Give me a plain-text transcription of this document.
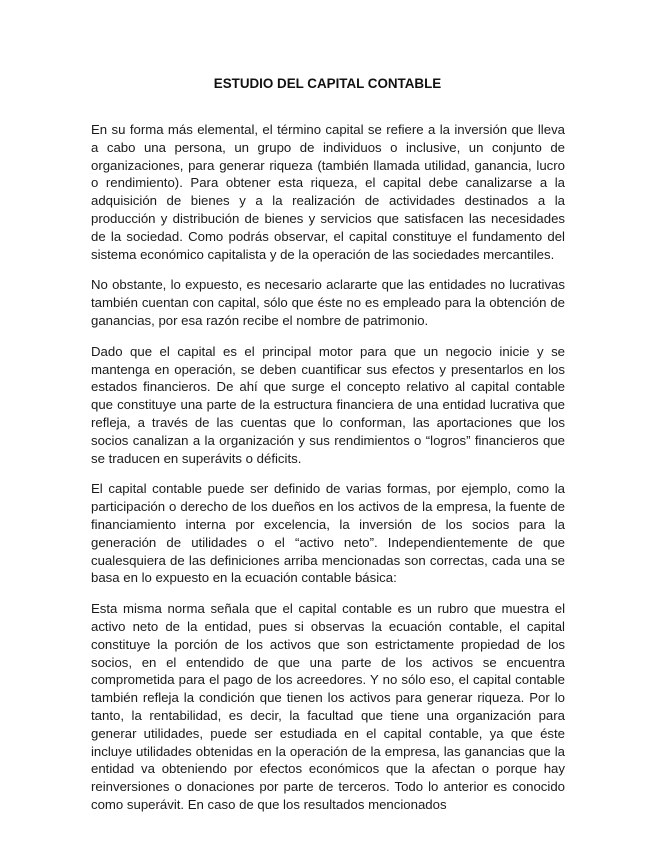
ESTUDIO DEL CAPITAL CONTABLE

En su forma más elemental, el término capital se refiere a la inversión que lleva a cabo una persona, un grupo de individuos o inclusive, un conjunto de organizaciones, para generar riqueza (también llamada utilidad, ganancia, lucro o rendimiento). Para obtener esta riqueza, el capital debe canalizarse a la adquisición de bienes y a la realización de actividades destinados a la producción y distribución de bienes y servicios que satisfacen las necesidades de la sociedad. Como podrás observar, el capital constituye el fundamento del sistema económico capitalista y de la operación de las sociedades mercantiles.

No obstante, lo expuesto, es necesario aclararte que las entidades no lucrativas también cuentan con capital, sólo que éste no es empleado para la obtención de ganancias, por esa razón recibe el nombre de patrimonio.

Dado que el capital es el principal motor para que un negocio inicie y se mantenga en operación, se deben cuantificar sus efectos y presentarlos en los estados financieros. De ahí que surge el concepto relativo al capital contable que constituye una parte de la estructura financiera de una entidad lucrativa que refleja, a través de las cuentas que lo conforman, las aportaciones que los socios canalizan a la organización y sus rendimientos o “logros” financieros que se traducen en superávits o déficits.

El capital contable puede ser definido de varias formas, por ejemplo, como la participación o derecho de los dueños en los activos de la empresa, la fuente de financiamiento interna por excelencia, la inversión de los socios para la generación de utilidades o el “activo neto”. Independientemente de que cualesquiera de las definiciones arriba mencionadas son correctas, cada una se basa en lo expuesto en la ecuación contable básica:

Esta misma norma señala que el capital contable es un rubro que muestra el activo neto de la entidad, pues si observas la ecuación contable, el capital constituye la porción de los activos que son estrictamente propiedad de los socios, en el entendido de que una parte de los activos se encuentra comprometida para el pago de los acreedores. Y no sólo eso, el capital contable también refleja la condición que tienen los activos para generar riqueza. Por lo tanto, la rentabilidad, es decir, la facultad que tiene una organización para generar utilidades, puede ser estudiada en el capital contable, ya que éste incluye utilidades obtenidas en la operación de la empresa, las ganancias que la entidad va obteniendo por efectos económicos que la afectan o porque hay reinversiones o donaciones por parte de terceros. Todo lo anterior es conocido como superávit. En caso de que los resultados mencionados
